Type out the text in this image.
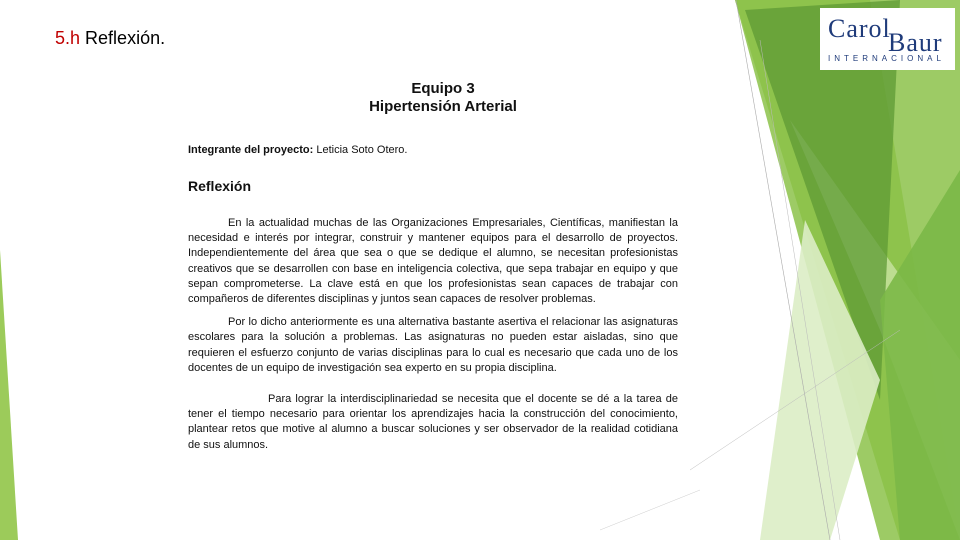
5.h Reflexión.	Carol
Baur
INTERNACIONAL
Equipo 3
Hipertensión Arterial
Integrante del proyecto: Leticia Soto Otero.
Reflexión

En la actualidad muchas de las Organizaciones Empresariales, Científicas, manifiestan la necesidad e interés por integrar, construir y mantener equipos para el desarrollo de proyectos. Independientemente del área que sea o que se dedique el alumno, se necesitan profesionistas creativos que se desarrollen con base en inteligencia colectiva, que sepa trabajar en equipo y que sepan comprometerse. La clave está en que los profesionistas sean capaces de trabajar con compañeros de diferentes disciplinas y juntos sean capaces de resolver problemas.

Por lo dicho anteriormente es una alternativa bastante asertiva el relacionar las asignaturas escolares para la solución a problemas. Las asignaturas no pueden estar aisladas, sino que requieren el esfuerzo conjunto de varias disciplinas para lo cual es necesario que cada uno de los docentes de un equipo de investigación sea experto en su propia disciplina.

Para lograr la interdisciplinariedad se necesita que el docente se dé a la tarea de tener el tiempo necesario para orientar los aprendizajes hacia la construcción del conocimiento, plantear retos que motive al alumno a buscar soluciones y ser observador de la realidad cotidiana de sus alumnos.
